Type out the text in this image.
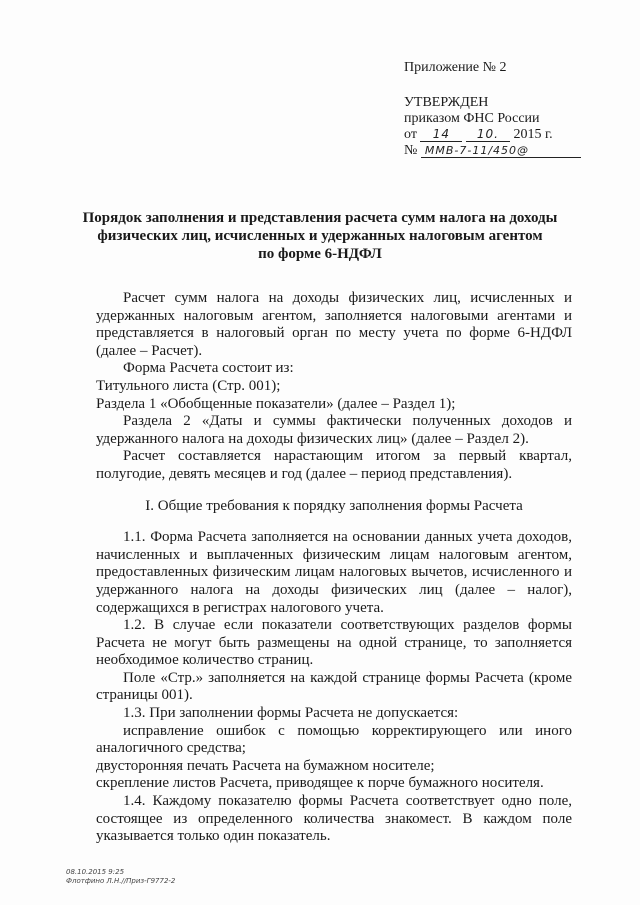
Приложение № 2
УТВЕРЖДЕН
приказом ФНС России
от 14 10. 2015 г.
№ ММВ-7-11/450@
Порядок заполнения и представления расчета сумм налога на доходы
физических лиц, исчисленных и удержанных налоговым агентом
по форме 6-НДФЛ

Расчет сумм налога на доходы физических лиц, исчисленных и удержанных налоговым агентом, заполняется налоговыми агентами и представляется в налоговый орган по месту учета по форме 6-НДФЛ (далее – Расчет).

Форма Расчета состоит из:

Титульного листа (Стр. 001);

Раздела 1 «Обобщенные показатели» (далее – Раздел 1);

Раздела 2 «Даты и суммы фактически полученных доходов и удержанного налога на доходы физических лиц» (далее – Раздел 2).

Расчет составляется нарастающим итогом за первый квартал, полугодие, девять месяцев и год (далее – период представления).

I. Общие требования к порядку заполнения формы Расчета

1.1. Форма Расчета заполняется на основании данных учета доходов, начисленных и выплаченных физическим лицам налоговым агентом, предоставленных физическим лицам налоговых вычетов, исчисленного и удержанного налога на доходы физических лиц (далее – налог), содержащихся в регистрах налогового учета.

1.2. В случае если показатели соответствующих разделов формы Расчета не могут быть размещены на одной странице, то заполняется необходимое количество страниц.

Поле «Стр.» заполняется на каждой странице формы Расчета (кроме страницы 001).

1.3. При заполнении формы Расчета не допускается:

исправление ошибок с помощью корректирующего или иного аналогичного средства;

двусторонняя печать Расчета на бумажном носителе;

скрепление листов Расчета, приводящее к порче бумажного носителя.

1.4. Каждому показателю формы Расчета соответствует одно поле, состоящее из определенного количества знакомест. В каждом поле указывается только один показатель.

08.10.2015 9:25
Флотфино Л.Н.//Приз-Г9772-2
